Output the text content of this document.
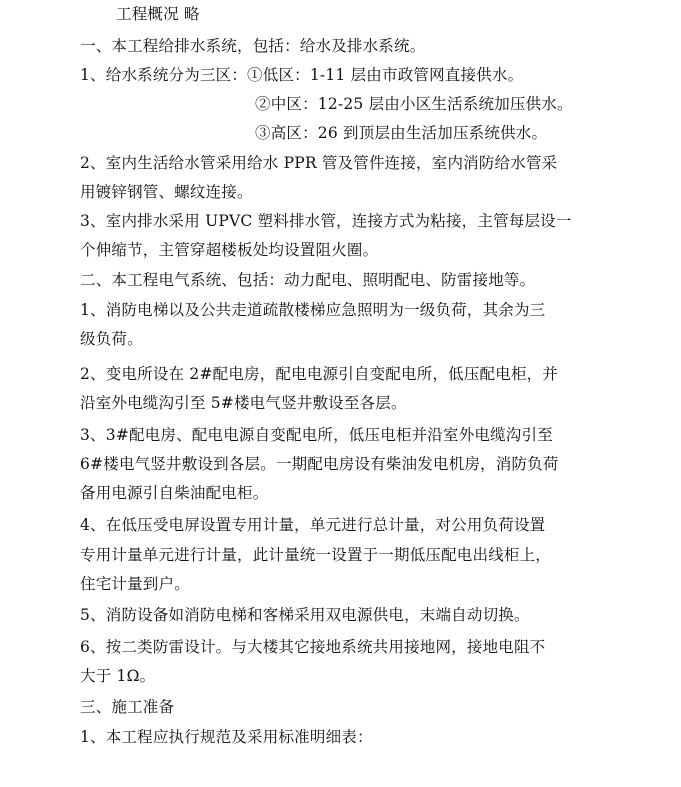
工程概况 略
一、本工程给排水系统，包括：给水及排水系统。
1、给水系统分为三区：①低区：1-11 层由市政管网直接供水。
②中区：12-25 层由小区生活系统加压供水。
③高区：26 到顶层由生活加压系统供水。
2、室内生活给水管采用给水 PPR 管及管件连接，室内消防给水管采
用镀锌钢管、螺纹连接。
3、室内排水采用 UPVC 塑料排水管，连接方式为粘接，主管每层设一
个伸缩节，主管穿超楼板处均设置阻火圈。
二、本工程电气系统、包括：动力配电、照明配电、防雷接地等。
1、消防电梯以及公共走道疏散楼梯应急照明为一级负荷，其余为三
级负荷。
2、变电所设在 2#配电房，配电电源引自变配电所，低压配电柜，并
沿室外电缆沟引至 5#楼电气竖井敷设至各层。
3、3#配电房、配电电源自变配电所，低压电柜并沿室外电缆沟引至
6#楼电气竖井敷设到各层。一期配电房设有柴油发电机房，消防负荷
备用电源引自柴油配电柜。
4、在低压受电屏设置专用计量，单元进行总计量，对公用负荷设置
专用计量单元进行计量，此计量统一设置于一期低压配电出线柜上，
住宅计量到户。
5、消防设备如消防电梯和客梯采用双电源供电，末端自动切换。
6、按二类防雷设计。与大楼其它接地系统共用接地网，接地电阻不
大于 1Ω。
三、施工准备
1、本工程应执行规范及采用标准明细表：
